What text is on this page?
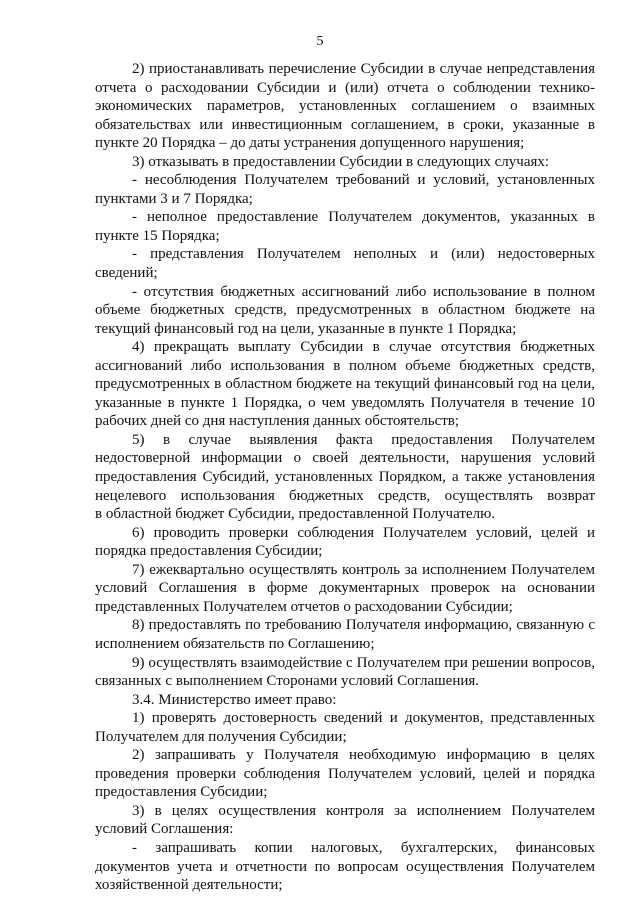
5
2) приостанавливать перечисление Субсидии в случае непредставления
отчета о расходовании Субсидии и (или) отчета о соблюдении технико-
экономических параметров, установленных соглашением о взаимных
обязательствах или инвестиционным соглашением, в сроки, указанные в
пункте 20 Порядка – до даты устранения допущенного нарушения;
3) отказывать в предоставлении Субсидии в следующих случаях:
- несоблюдения Получателем требований и условий, установленных
пунктами 3 и 7 Порядка;
- неполное предоставление Получателем документов, указанных в
пункте 15 Порядка;
- представления Получателем неполных и (или) недостоверных
сведений;
- отсутствия бюджетных ассигнований либо использование в полном
объеме бюджетных средств, предусмотренных в областном бюджете на
текущий финансовый год на цели, указанные в пункте 1 Порядка;
4) прекращать выплату Субсидии в случае отсутствия бюджетных
ассигнований либо использования в полном объеме бюджетных средств,
предусмотренных в областном бюджете на текущий финансовый год на цели,
указанные в пункте 1 Порядка, о чем уведомлять Получателя в течение 10
рабочих дней со дня наступления данных обстоятельств;
5) в случае выявления факта предоставления Получателем
недостоверной информации о своей деятельности, нарушения условий
предоставления Субсидий, установленных Порядком, а также установления
нецелевого использования бюджетных средств, осуществлять возврат
в областной бюджет Субсидии, предоставленной Получателю.
6) проводить проверки соблюдения Получателем условий, целей и
порядка предоставления Субсидии;
7) ежеквартально осуществлять контроль за исполнением Получателем
условий Соглашения в форме документарных проверок на основании
представленных Получателем отчетов о расходовании Субсидии;
8) предоставлять по требованию Получателя информацию, связанную с
исполнением обязательств по Соглашению;
9) осуществлять взаимодействие с Получателем при решении вопросов,
связанных с выполнением Сторонами условий Соглашения.
3.4. Министерство имеет право:
1) проверять достоверность сведений и документов, представленных
Получателем для получения Субсидии;
2) запрашивать у Получателя необходимую информацию в целях
проведения проверки соблюдения Получателем условий, целей и порядка
предоставления Субсидии;
3) в целях осуществления контроля за исполнением Получателем
условий Соглашения:
- запрашивать копии налоговых, бухгалтерских, финансовых
документов учета и отчетности по вопросам осуществления Получателем
хозяйственной деятельности;
